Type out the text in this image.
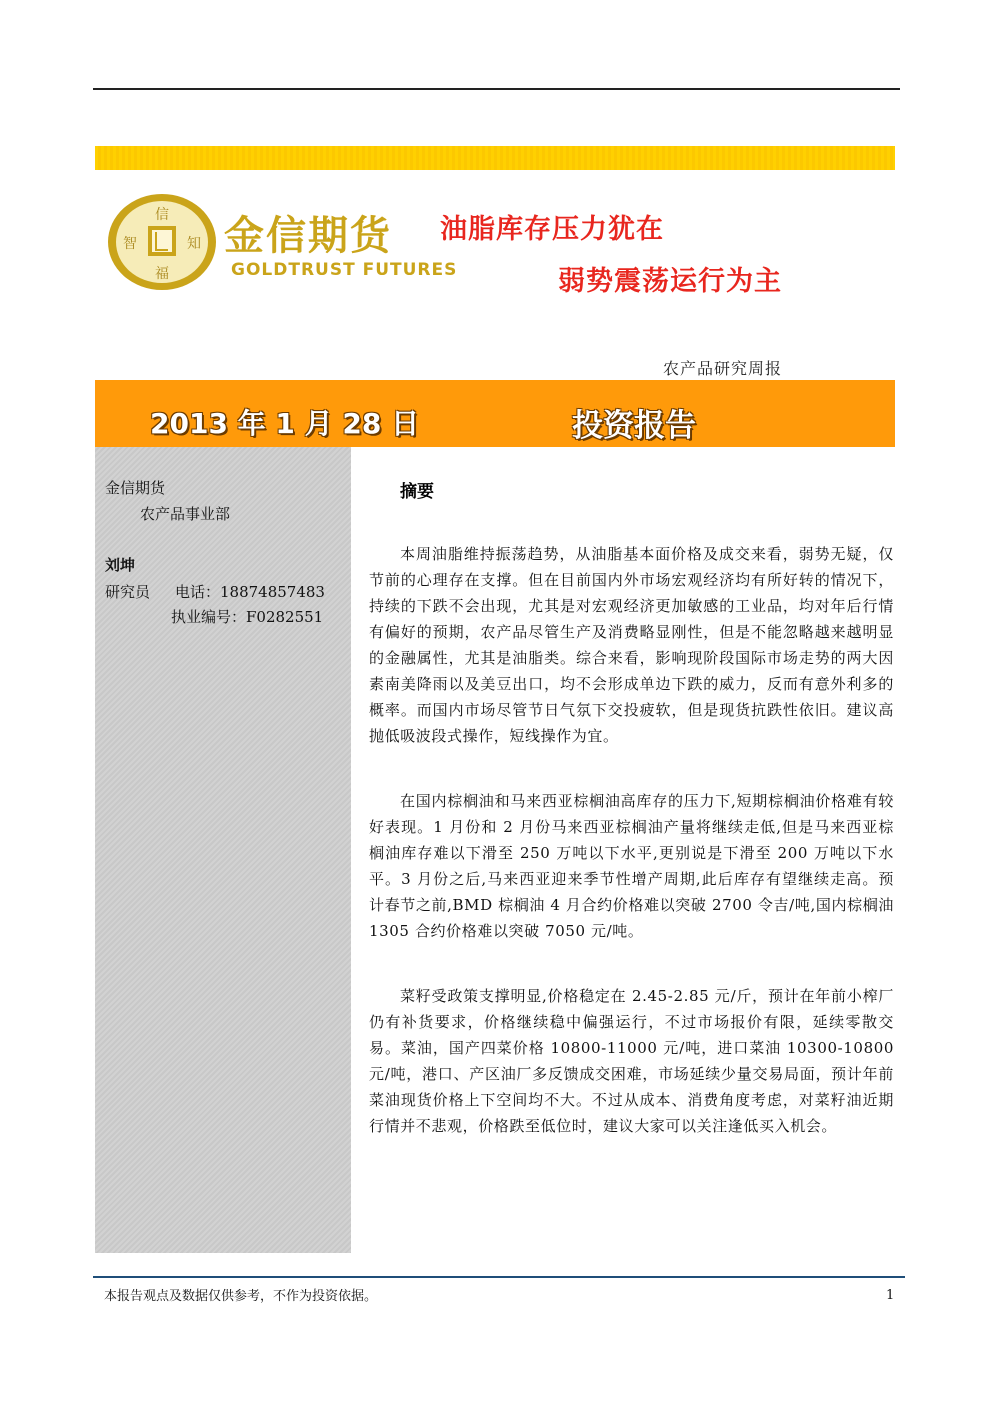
信
智	知
福
金信期货
GOLDTRUST FUTURES
油脂库存压力犹在
弱势震荡运行为主
农产品研究周报
2013 年 1 月 28 日	投资报告
金信期货
农产品事业部
刘坤
研究员 电话：18874857483
执业编号：F0282551
摘要

本周油脂维持振荡趋势，从油脂基本面价格及成交来看，弱势无疑，仅节前的心理存在支撑。但在目前国内外市场宏观经济均有所好转的情况下，持续的下跌不会出现，尤其是对宏观经济更加敏感的工业品，均对年后行情有偏好的预期，农产品尽管生产及消费略显刚性，但是不能忽略越来越明显的金融属性，尤其是油脂类。综合来看，影响现阶段国际市场走势的两大因素南美降雨以及美豆出口，均不会形成单边下跌的威力，反而有意外利多的概率。而国内市场尽管节日气氛下交投疲软，但是现货抗跌性依旧。建议高抛低吸波段式操作，短线操作为宜。

在国内棕榈油和马来西亚棕榈油高库存的压力下,短期棕榈油价格难有较好表现。1 月份和 2 月份马来西亚棕榈油产量将继续走低,但是马来西亚棕榈油库存难以下滑至 250 万吨以下水平,更别说是下滑至 200 万吨以下水平。3 月份之后,马来西亚迎来季节性增产周期,此后库存有望继续走高。预计春节之前,BMD 棕榈油 4 月合约价格难以突破 2700 令吉/吨,国内棕榈油 1305 合约价格难以突破 7050 元/吨。

菜籽受政策支撑明显,价格稳定在 2.45-2.85 元/斤，预计在年前小榨厂仍有补货要求，价格继续稳中偏强运行，不过市场报价有限，延续零散交易。菜油，国产四菜价格 10800-11000 元/吨，进口菜油 10300-10800 元/吨，港口、产区油厂多反馈成交困难，市场延续少量交易局面，预计年前菜油现货价格上下空间均不大。不过从成本、消费角度考虑，对菜籽油近期行情并不悲观，价格跌至低位时，建议大家可以关注逢低买入机会。

本报告观点及数据仅供参考，不作为投资依据。	1
